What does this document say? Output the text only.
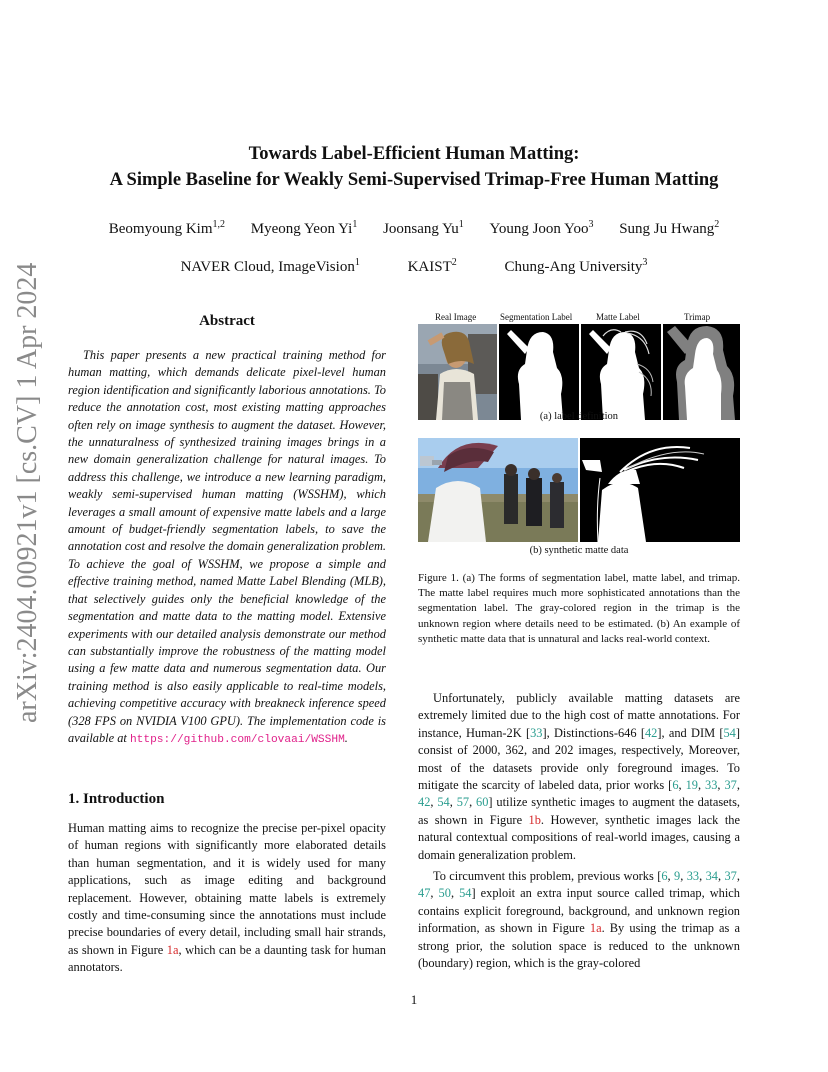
arXiv:2404.00921v1 [cs.CV] 1 Apr 2024
Towards Label-Efficient Human Matting:
A Simple Baseline for Weakly Semi-Supervised Trimap-Free Human Matting
Beomyoung Kim$^{1,2}$ Myeong Yeon Yi$^1$ Joonsang Yu$^1$ Young Joon Yoo$^3$ Sung Ju Hwang$^2$
NAVER Cloud, ImageVision$^1$	KAIST$^2$	Chung-Ang University$^3$
Abstract
This paper presents a new practical training method for human matting, which demands delicate pixel-level human region identification and significantly laborious annotations. To reduce the annotation cost, most existing matting approaches often rely on image synthesis to augment the dataset. However, the unnaturalness of synthesized training images brings in a new domain generalization challenge for natural images. To address this challenge, we introduce a new learning paradigm, weakly semi-supervised human matting (WSSHM), which leverages a small amount of expensive matte labels and a large amount of budget-friendly segmentation labels, to save the annotation cost and resolve the domain generalization problem. To achieve the goal of WSSHM, we propose a simple and effective training method, named Matte Label Blending (MLB), that selectively guides only the beneficial knowledge of the segmentation and matte data to the matting model. Extensive experiments with our detailed analysis demonstrate our method can substantially improve the robustness of the matting model using a few matte data and numerous segmentation data. Our training method is also easily applicable to real-time models, achieving competitive accuracy with breakneck inference speed (328 FPS on NVIDIA V100 GPU). The implementation code is available at https://github.com/clovaai/WSSHM.
1. Introduction
Human matting aims to recognize the precise per-pixel opacity of human regions with significantly more elaborated details than human segmentation, and it is widely used for many applications, such as image editing and background replacement. However, obtaining matte labels is extremely costly and time-consuming since the annotations must include precise boundaries of every detail, including small hair strands, as shown in Figure 1a, which can be a daunting task for human annotators.
Real Image	Segmentation Label	Matte Label	Trimap
(a) label definition
(b) synthetic matte data
Figure 1. (a) The forms of segmentation label, matte label, and trimap. The matte label requires much more sophisticated annotations than the segmentation label. The gray-colored region in the trimap is the unknown region where details need to be estimated. (b) An example of synthetic matte data that is unnatural and lacks real-world context.
Unfortunately, publicly available matting datasets are extremely limited due to the high cost of matte annotations. For instance, Human-2K [33], Distinctions-646 [42], and DIM [54] consist of 2000, 362, and 202 images, respectively, Moreover, most of the datasets provide only foreground images. To mitigate the scarcity of labeled data, prior works [6, 19, 33, 37, 42, 54, 57, 60] utilize synthetic images to augment the datasets, as shown in Figure 1b. However, synthetic images lack the natural contextual compositions of real-world images, causing a domain generalization problem.
To circumvent this problem, previous works [6, 9, 33, 34, 37, 47, 50, 54] exploit an extra input source called trimap, which contains explicit foreground, background, and unknown region information, as shown in Figure 1a. By using the trimap as a strong prior, the solution space is reduced to the unknown (boundary) region, which is the gray-colored
1
